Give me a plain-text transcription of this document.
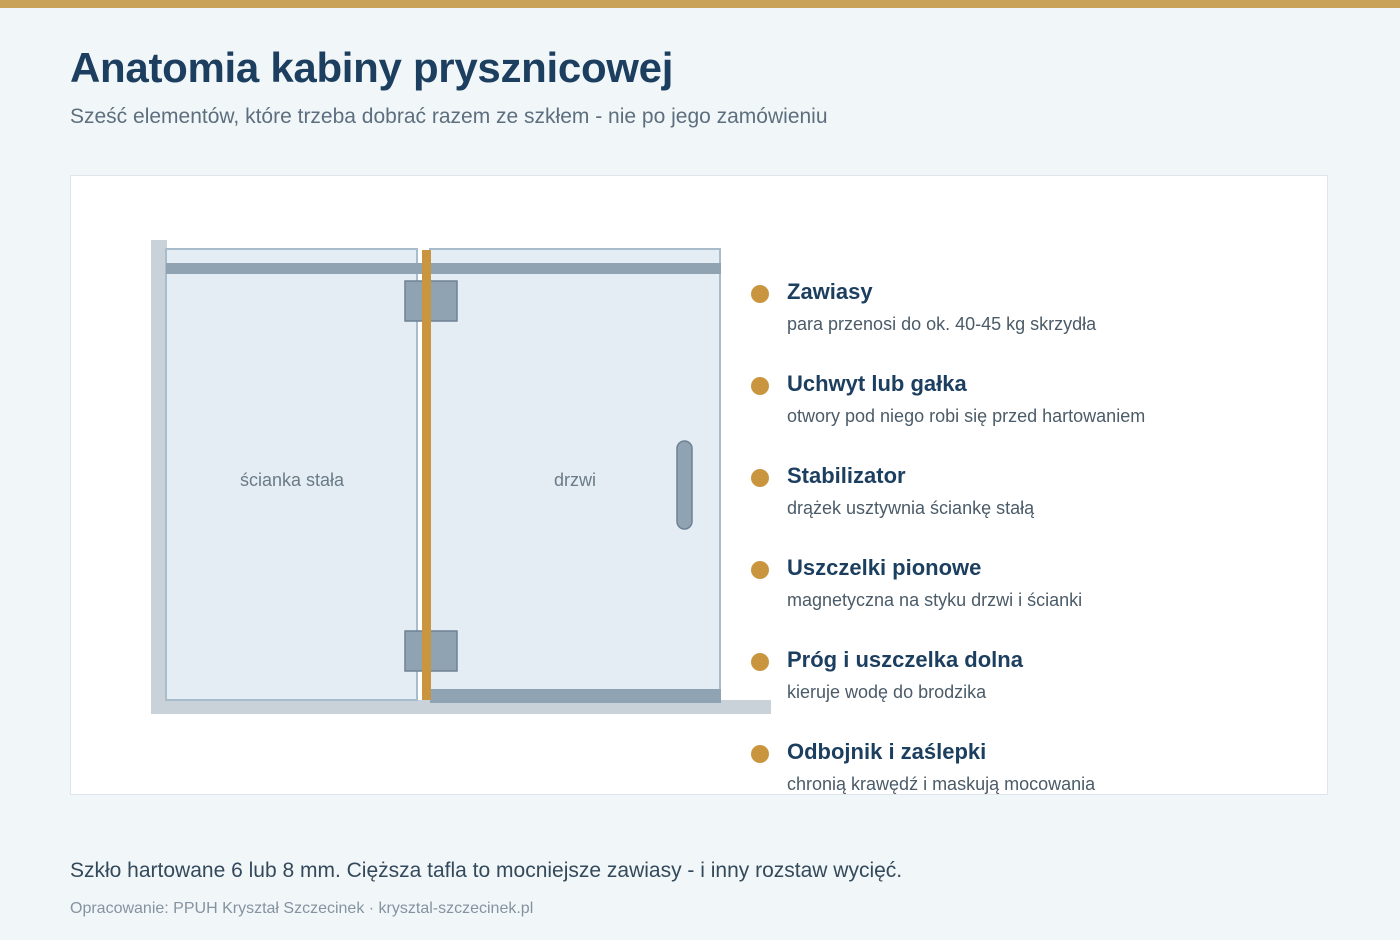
Anatomia kabiny prysznicowej

Sześć elementów, które trzeba dobrać razem ze szkłem - nie po jego zamówieniu

ścianka stała	drzwi
Zawiasy
para przenosi do ok. 40-45 kg skrzydła
Uchwyt lub gałka
otwory pod niego robi się przed hartowaniem
Stabilizator
drążek usztywnia ściankę stałą
Uszczelki pionowe
magnetyczna na styku drzwi i ścianki
Próg i uszczelka dolna
kieruje wodę do brodzika
Odbojnik i zaślepki
chronią krawędź i maskują mocowania

Szkło hartowane 6 lub 8 mm. Cięższa tafla to mocniejsze zawiasy - i inny rozstaw wycięć.

Opracowanie: PPUH Kryształ Szczecinek · krysztal-szczecinek.pl
